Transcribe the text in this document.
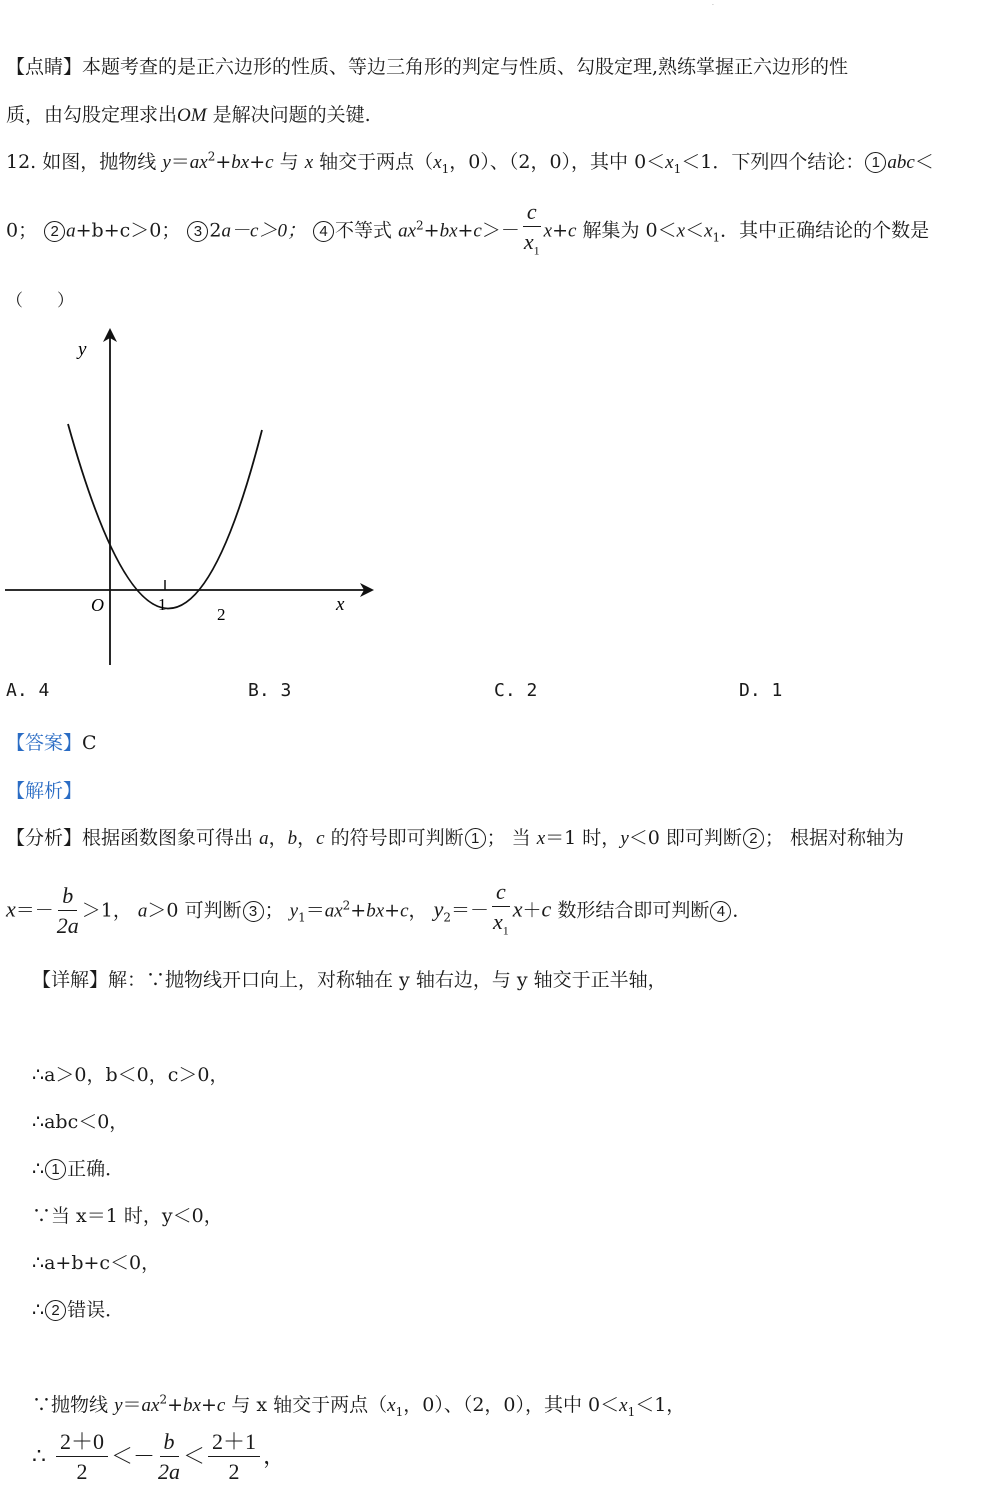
·
【点睛】本题考查的是正六边形的性质、等边三角形的判定与性质、勾股定理,熟练掌握正六边形的性
质，由勾股定理求出OM 是解决问题的关键.
12. 如图，抛物线 $y=ax^2+bx+c$ 与 x 轴交于两点（$x_1$，0）、（2，0），其中 $0<x_1<1$．下列四个结论： 1 abc＜
0； 2 a+b+c＞0； 3 2a－c＞0； 4 不等式 $ax^2+bx+c>- \frac{c}{x_1} x+c$ 解集为 $0<x<x_1$．其中正确结论的个数是
（　　）
y
x
O	1
2
A. 4	B. 3	C. 2	D. 1
【答案】C
【解析】
【分析】根据函数图象可得出 a，b，c 的符号即可判断 1 ； 当 x＝1 时，y＜0 即可判断 2 ； 根据对称轴为
$x=- \frac{b}{2a} >1$， a＞0 可判断 3 ； $y_1=ax^2+bx+c$， $y_2=- \frac{c}{x_1} x+c$ 数形结合即可判断 4 ．
【详解】解：∵抛物线开口向上，对称轴在 y 轴右边，与 y 轴交于正半轴，
∴a＞0，b＜0，c＞0，
∴abc＜0，
∴ 1 正确．
∵当 x＝1 时，y＜0，
∴a+b+c＜0，
∴ 2 错误．
∵抛物线 $y=ax^2+bx+c$ 与 x 轴交于两点（$x_1$，0）、（2，0），其中 $0<x_1<1$，
∴ $\frac{2+0}{2} <- \frac{b}{2a} < \frac{2+1}{2}$ ，
